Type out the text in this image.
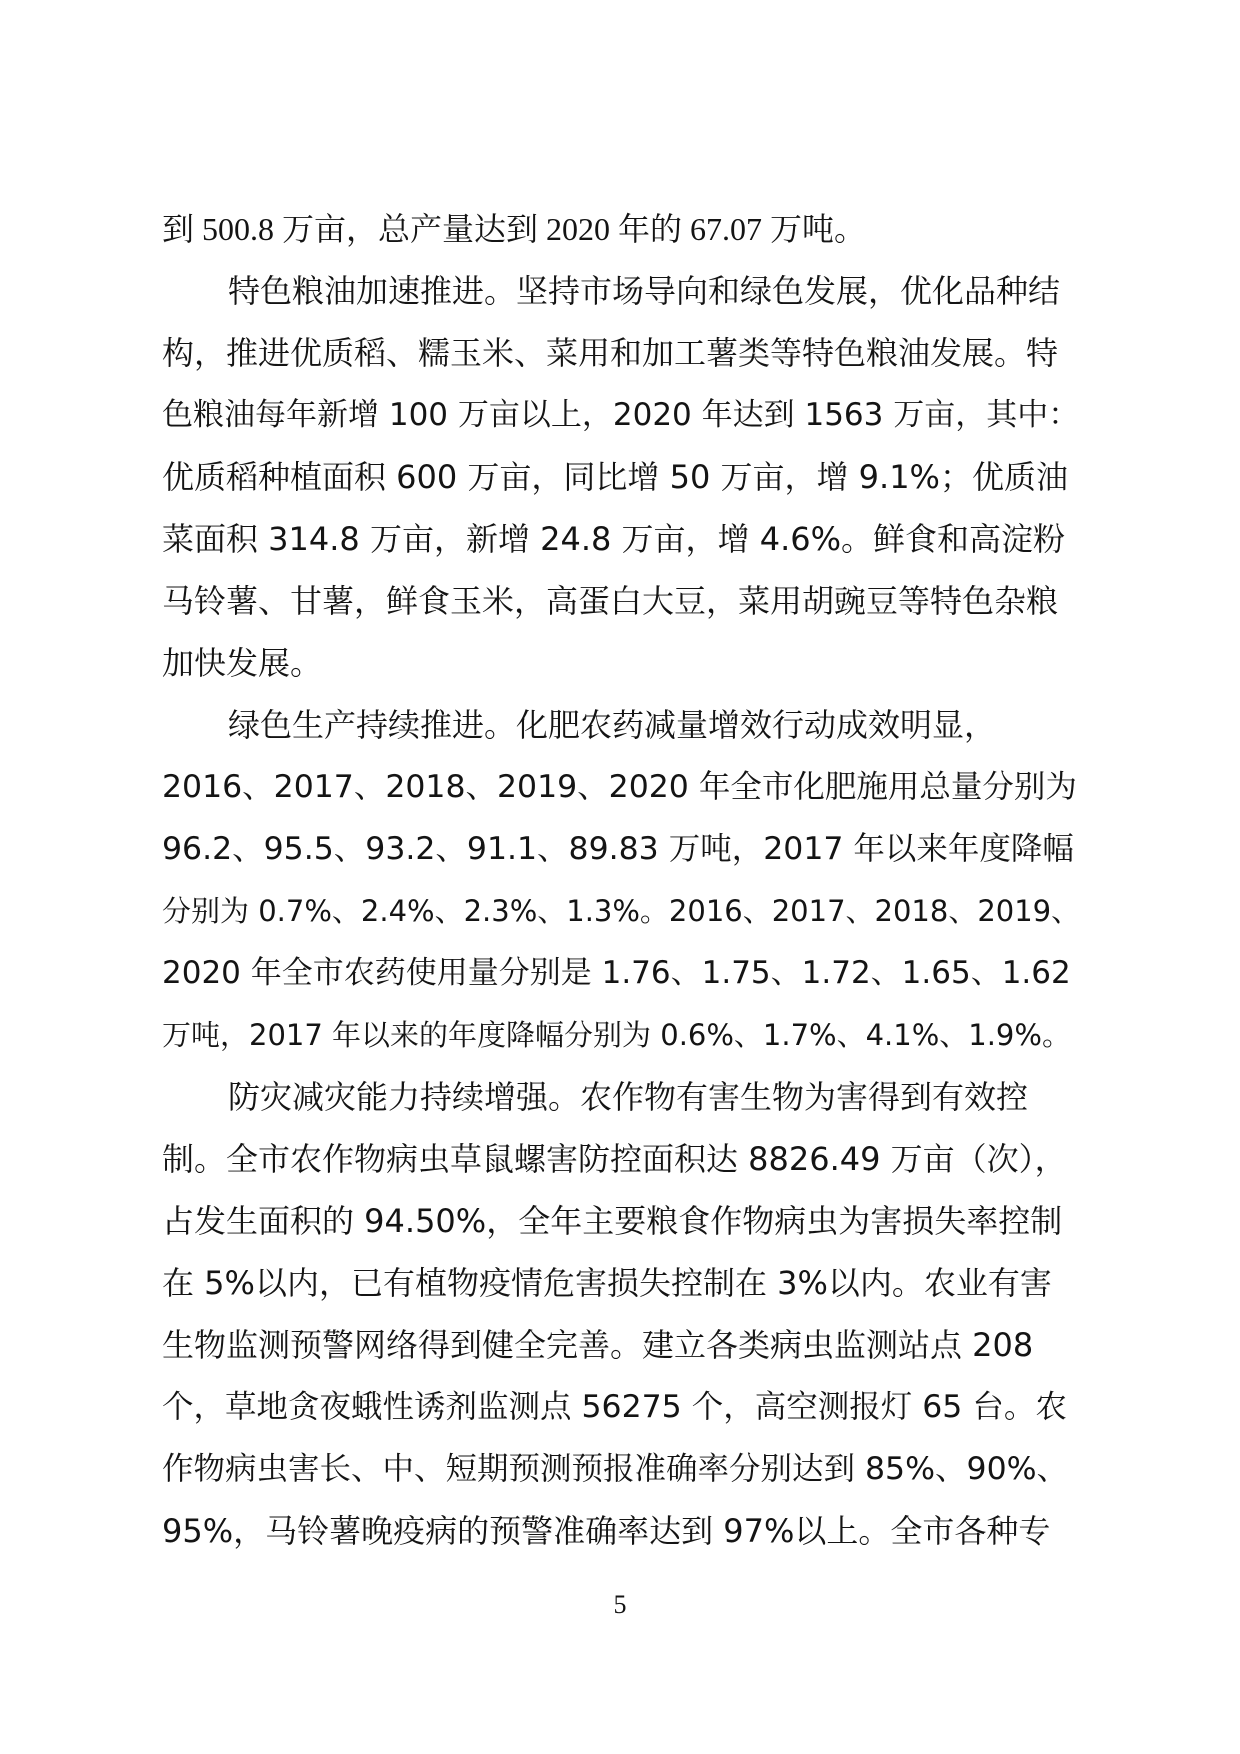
到 500.8 万亩，总产量达到 2020 年的 67.07 万吨。
特色粮油加速推进。坚持市场导向和绿色发展，优化品种结
构，推进优质稻、糯玉米、菜用和加工薯类等特色粮油发展。特
色粮油每年新增 100 万亩以上，2020 年达到 1563 万亩，其中：
优质稻种植面积 600 万亩，同比增 50 万亩，增 9.1%；优质油
菜面积 314.8 万亩，新增 24.8 万亩，增 4.6%。鲜食和高淀粉
马铃薯、甘薯，鲜食玉米，高蛋白大豆，菜用胡豌豆等特色杂粮
加快发展。
绿色生产持续推进。化肥农药减量增效行动成效明显，
2016、2017、2018、2019、2020 年全市化肥施用总量分别为
96.2、95.5、93.2、91.1、89.83 万吨，2017 年以来年度降幅
分别为 0.7%、2.4%、2.3%、1.3%。2016、2017、2018、2019、
2020 年全市农药使用量分别是 1.76、1.75、1.72、1.65、1.62
万吨，2017 年以来的年度降幅分别为 0.6%、1.7%、4.1%、1.9%。
防灾减灾能力持续增强。农作物有害生物为害得到有效控
制。全市农作物病虫草鼠螺害防控面积达 8826.49 万亩（次），
占发生面积的 94.50%，全年主要粮食作物病虫为害损失率控制
在 5%以内，已有植物疫情危害损失控制在 3%以内。农业有害
生物监测预警网络得到健全完善。建立各类病虫监测站点 208
个，草地贪夜蛾性诱剂监测点 56275 个，高空测报灯 65 台。农
作物病虫害长、中、短期预测预报准确率分别达到 85%、90%、
95%，马铃薯晚疫病的预警准确率达到 97%以上。全市各种专
5
